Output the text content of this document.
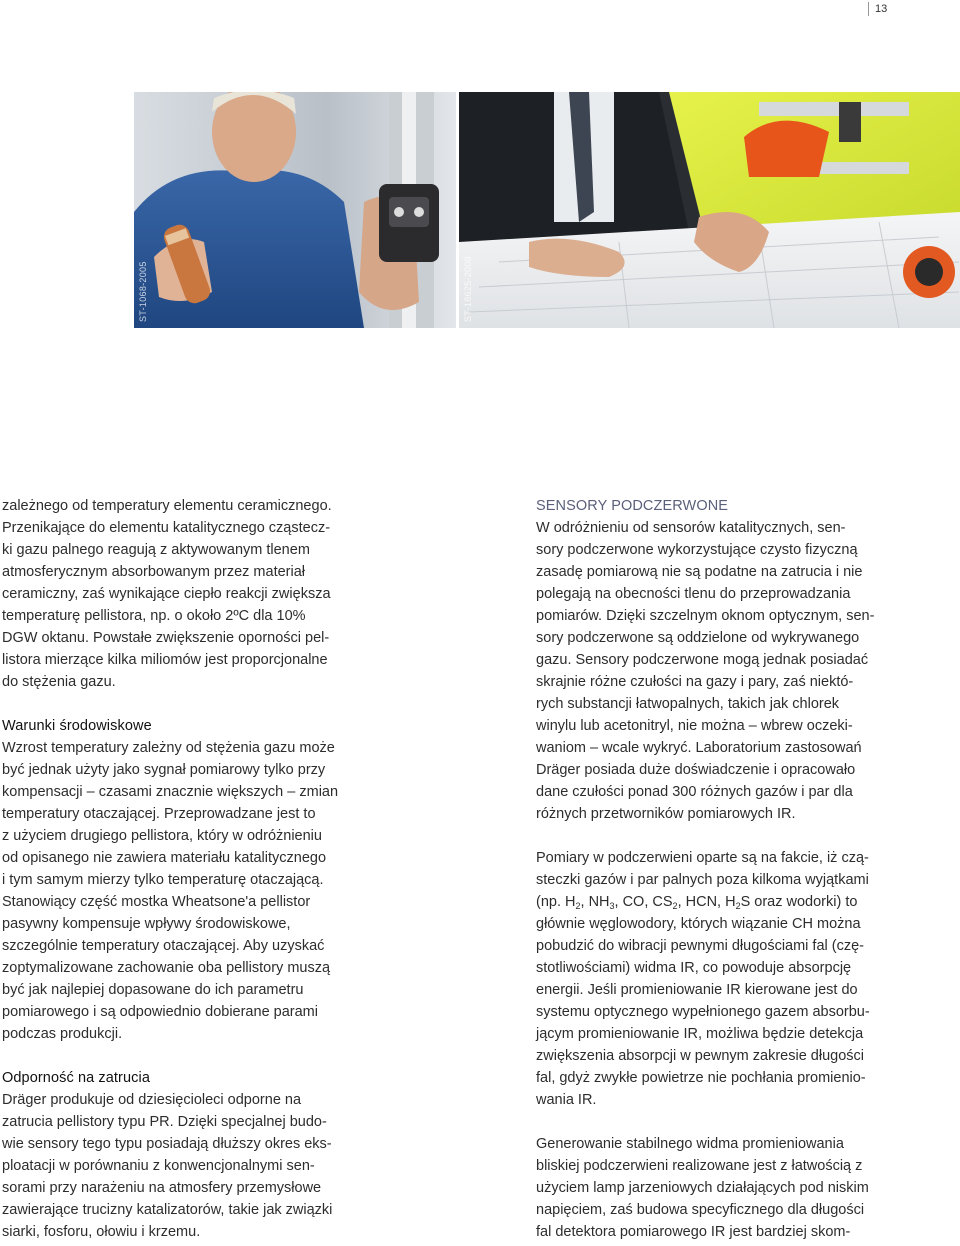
13
ST-1068-2005	ST-18625-2008

zależnego od temperatury elementu ceramicznego.
Przenikające do elementu katalitycznego cząstecz-
ki gazu palnego reagują z aktywowanym tlenem
atmosferycznym absorbowanym przez materiał
ceramiczny, zaś wynikające ciepło reakcji zwiększa
temperaturę pellistora, np. o około 2ºC dla 10%
DGW oktanu. Powstałe zwiększenie oporności pel-
listora mierzące kilka miliomów jest proporcjonalne
do stężenia gazu.

Warunki środowiskowe

Wzrost temperatury zależny od stężenia gazu może
być jednak użyty jako sygnał pomiarowy tylko przy
kompensacji – czasami znacznie większych – zmian
temperatury otaczającej. Przeprowadzane jest to
z użyciem drugiego pellistora, który w odróżnieniu
od opisanego nie zawiera materiału katalitycznego
i tym samym mierzy tylko temperaturę otaczającą.
Stanowiący część mostka Wheatsone'a pellistor
pasywny kompensuje wpływy środowiskowe,
szczególnie temperatury otaczającej. Aby uzyskać
zoptymalizowane zachowanie oba pellistory muszą
być jak najlepiej dopasowane do ich parametru
pomiarowego i są odpowiednio dobierane parami
podczas produkcji.

Odporność na zatrucia

Dräger produkuje od dziesięcioleci odporne na
zatrucia pellistory typu PR. Dzięki specjalnej budo-
wie sensory tego typu posiadają dłuższy okres eks-
ploatacji w porównaniu z konwencjonalnymi sen-
sorami przy narażeniu na atmosfery przemysłowe
zawierające trucizny katalizatorów, takie jak związki
siarki, fosforu, ołowiu i krzemu.

SENSORY PODCZERWONE

W odróżnieniu od sensorów katalitycznych, sen-
sory podczerwone wykorzystujące czysto fizyczną
zasadę pomiarową nie są podatne na zatrucia i nie
polegają na obecności tlenu do przeprowadzania
pomiarów. Dzięki szczelnym oknom optycznym, sen-
sory podczerwone są oddzielone od wykrywanego
gazu. Sensory podczerwone mogą jednak posiadać
skrajnie różne czułości na gazy i pary, zaś niektó-
rych substancji łatwopalnych, takich jak chlorek
winylu lub acetonitryl, nie można – wbrew oczeki-
waniom – wcale wykryć. Laboratorium zastosowań
Dräger posiada duże doświadczenie i opracowało
dane czułości ponad 300 różnych gazów i par dla
różnych przetworników pomiarowych IR.

Pomiary w podczerwieni oparte są na fakcie, iż czą-
steczki gazów i par palnych poza kilkoma wyjątkami
(np. $H_2$, $NH_3$, CO, $CS_2$, HCN, $H_2S$ oraz wodorki) to
głównie węglowodory, których wiązanie CH można
pobudzić do wibracji pewnymi długościami fal (czę-
stotliwościami) widma IR, co powoduje absorpcję
energii. Jeśli promieniowanie IR kierowane jest do
systemu optycznego wypełnionego gazem absorbu-
jącym promieniowanie IR, możliwa będzie detekcja
zwiększenia absorpcji w pewnym zakresie długości
fal, gdyż zwykłe powietrze nie pochłania promienio-
wania IR.

Generowanie stabilnego widma promieniowania
bliskiej podczerwieni realizowane jest z łatwością z
użyciem lamp jarzeniowych działających pod niskim
napięciem, zaś budowa specyficznego dla długości
fal detektora pomiarowego IR jest bardziej skom-
